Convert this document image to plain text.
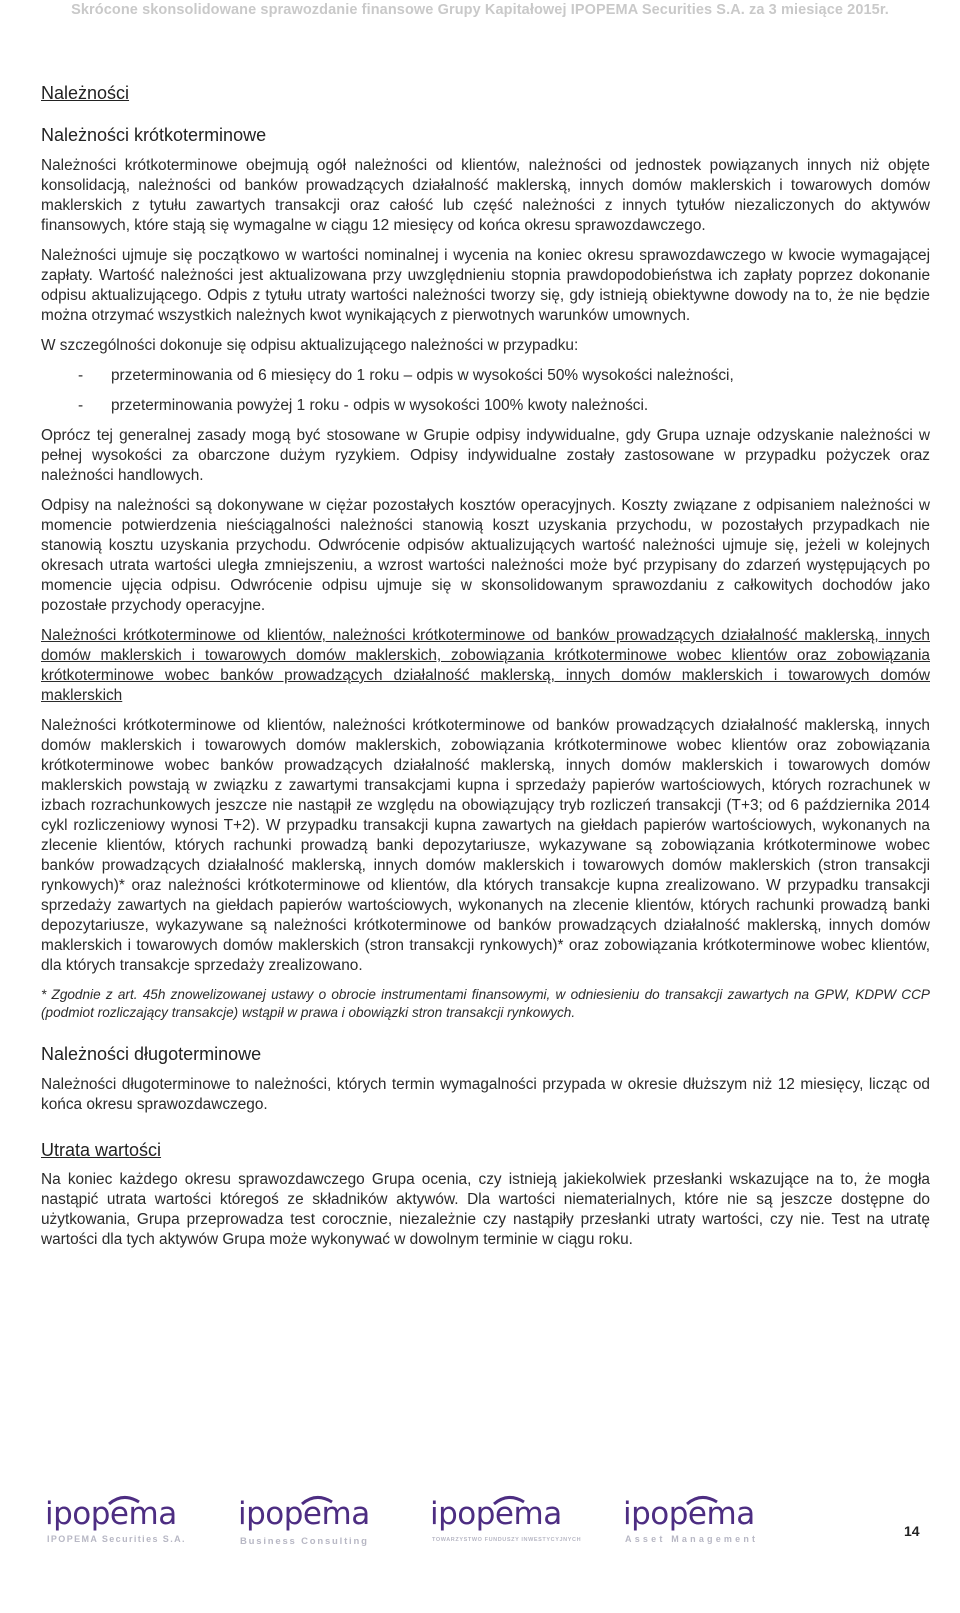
Skrócone skonsolidowane sprawozdanie finansowe Grupy Kapitałowej IPOPEMA Securities S.A. za 3 miesiące 2015r.
Należności
Należności krótkoterminowe

Należności krótkoterminowe obejmują ogół należności od klientów, należności od jednostek powiązanych innych niż objęte konsolidacją, należności od banków prowadzących działalność maklerską, innych domów maklerskich i towarowych domów maklerskich z tytułu zawartych transakcji oraz całość lub część należności z innych tytułów niezaliczonych do aktywów finansowych, które stają się wymagalne w ciągu 12 miesięcy od końca okresu sprawozdawczego.

Należności ujmuje się początkowo w wartości nominalnej i wycenia na koniec okresu sprawozdawczego w kwocie wymagającej zapłaty. Wartość należności jest aktualizowana przy uwzględnieniu stopnia prawdopodobieństwa ich zapłaty poprzez dokonanie odpisu aktualizującego. Odpis z tytułu utraty wartości należności tworzy się, gdy istnieją obiektywne dowody na to, że nie będzie można otrzymać wszystkich należnych kwot wynikających z pierwotnych warunków umownych.

W szczególności dokonuje się odpisu aktualizującego należności w przypadku:

- przeterminowania od 6 miesięcy do 1 roku – odpis w wysokości 50% wysokości należności,
- przeterminowania powyżej 1 roku - odpis w wysokości 100% kwoty należności.

Oprócz tej generalnej zasady mogą być stosowane w Grupie odpisy indywidualne, gdy Grupa uznaje odzyskanie należności w pełnej wysokości za obarczone dużym ryzykiem. Odpisy indywidualne zostały zastosowane w przypadku pożyczek oraz należności handlowych.

Odpisy na należności są dokonywane w ciężar pozostałych kosztów operacyjnych. Koszty związane z odpisaniem należności w momencie potwierdzenia nieściągalności należności stanowią koszt uzyskania przychodu, w pozostałych przypadkach nie stanowią kosztu uzyskania przychodu. Odwrócenie odpisów aktualizujących wartość należności ujmuje się, jeżeli w kolejnych okresach utrata wartości uległa zmniejszeniu, a wzrost wartości należności może być przypisany do zdarzeń występujących po momencie ujęcia odpisu. Odwrócenie odpisu ujmuje się w skonsolidowanym sprawozdaniu z całkowitych dochodów jako pozostałe przychody operacyjne.

Należności krótkoterminowe od klientów, należności krótkoterminowe od banków prowadzących działalność maklerską, innych domów maklerskich i towarowych domów maklerskich, zobowiązania krótkoterminowe wobec klientów oraz zobowiązania krótkoterminowe wobec banków prowadzących działalność maklerską, innych domów maklerskich i towarowych domów maklerskich

Należności krótkoterminowe od klientów, należności krótkoterminowe od banków prowadzących działalność maklerską, innych domów maklerskich i towarowych domów maklerskich, zobowiązania krótkoterminowe wobec klientów oraz zobowiązania krótkoterminowe wobec banków prowadzących działalność maklerską, innych domów maklerskich i towarowych domów maklerskich powstają w związku z zawartymi transakcjami kupna i sprzedaży papierów wartościowych, których rozrachunek w izbach rozrachunkowych jeszcze nie nastąpił ze względu na obowiązujący tryb rozliczeń transakcji (T+3; od 6 października 2014 cykl rozliczeniowy wynosi T+2). W przypadku transakcji kupna zawartych na giełdach papierów wartościowych, wykonanych na zlecenie klientów, których rachunki prowadzą banki depozytariusze, wykazywane są zobowiązania krótkoterminowe wobec banków prowadzących działalność maklerską, innych domów maklerskich i towarowych domów maklerskich (stron transakcji rynkowych)* oraz należności krótkoterminowe od klientów, dla których transakcje kupna zrealizowano. W przypadku transakcji sprzedaży zawartych na giełdach papierów wartościowych, wykonanych na zlecenie klientów, których rachunki prowadzą banki depozytariusze, wykazywane są należności krótkoterminowe od banków prowadzących działalność maklerską, innych domów maklerskich i towarowych domów maklerskich (stron transakcji rynkowych)* oraz zobowiązania krótkoterminowe wobec klientów, dla których transakcje sprzedaży zrealizowano.

* Zgodnie z art. 45h znowelizowanej ustawy o obrocie instrumentami finansowymi, w odniesieniu do transakcji zawartych na GPW, KDPW CCP (podmiot rozliczający transakcje) wstąpił w prawa i obowiązki stron transakcji rynkowych.

Należności długoterminowe

Należności długoterminowe to należności, których termin wymagalności przypada w okresie dłuższym niż 12 miesięcy, licząc od końca okresu sprawozdawczego.

Utrata wartości

Na koniec każdego okresu sprawozdawczego Grupa ocenia, czy istnieją jakiekolwiek przesłanki wskazujące na to, że mogła nastąpić utrata wartości któregoś ze składników aktywów. Dla wartości niematerialnych, które nie są jeszcze dostępne do użytkowania, Grupa przeprowadza test corocznie, niezależnie czy nastąpiły przesłanki utraty wartości, czy nie. Test na utratę wartości dla tych aktywów Grupa może wykonywać w dowolnym terminie w ciągu roku.

ipopema
IPOPEMA Securities S.A.
ipopema
Business Consulting
ipopema
TOWARZYSTWO FUNDUSZY INWESTYCYJNYCH
ipopema
Asset Management	14
